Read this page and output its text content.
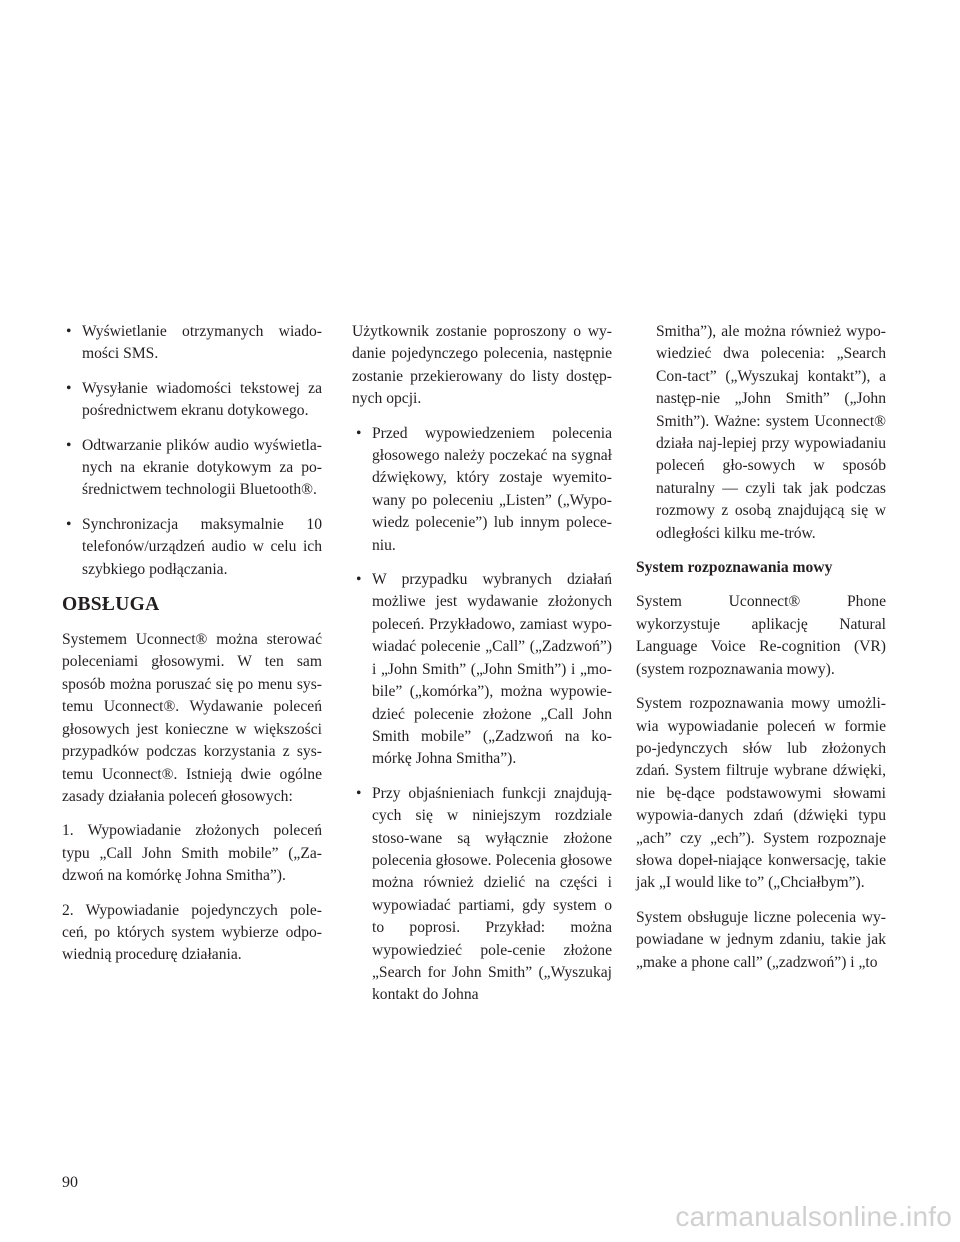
• Wyświetlanie otrzymanych wiado-mości SMS.
• Wysyłanie wiadomości tekstowej za pośrednictwem ekranu dotykowego.
• Odtwarzanie plików audio wyświetla-nych na ekranie dotykowym za po-średnictwem technologii Bluetooth®.
• Synchronizacja maksymalnie 10 telefonów/urządzeń audio w celu ich szybkiego podłączania.
OBSŁUGA

Systemem Uconnect® można sterować poleceniami głosowymi. W ten sam sposób można poruszać się po menu sys-temu Uconnect®. Wydawanie poleceń głosowych jest konieczne w większości przypadków podczas korzystania z sys-temu Uconnect®. Istnieją dwie ogólne zasady działania poleceń głosowych:

1. Wypowiadanie złożonych poleceń typu „Call John Smith mobile” („Za-dzwoń na komórkę Johna Smitha”).

2. Wypowiadanie pojedynczych pole-ceń, po których system wybierze odpo-wiednią procedurę działania.

Użytkownik zostanie poproszony o wy-danie pojedynczego polecenia, następnie zostanie przekierowany do listy dostęp-nych opcji.

• Przed wypowiedzeniem polecenia głosowego należy poczekać na sygnał dźwiękowy, który zostaje wyemito-wany po poleceniu „Listen” („Wypo-wiedz polecenie”) lub innym polece-niu.
• W przypadku wybranych działań możliwe jest wydawanie złożonych poleceń. Przykładowo, zamiast wypo-wiadać polecenie „Call” („Zadzwoń”) i „John Smith” („John Smith”) i „mo-bile” („komórka”), można wypowie-dzieć polecenie złożone „Call John Smith mobile” („Zadzwoń na ko-mórkę Johna Smitha”).
• Przy objaśnieniach funkcji znajdują-cych się w niniejszym rozdziale stoso-wane są wyłącznie złożone polecenia głosowe. Polecenia głosowe można również dzielić na części i wypowiadać partiami, gdy system o to poprosi. Przykład: można wypowiedzieć pole-cenie złożone „Search for John Smith” („Wyszukaj kontakt do Johna
Smitha”), ale można również wypo-wiedzieć dwa polecenia: „Search Con-tact” („Wyszukaj kontakt”), a następ-nie „John Smith” („John Smith”). Ważne: system Uconnect® działa naj-lepiej przy wypowiadaniu poleceń gło-sowych w sposób naturalny — czyli tak jak podczas rozmowy z osobą znajdującą się w odległości kilku me-trów.
System rozpoznawania mowy

System Uconnect® Phone wykorzystuje aplikację Natural Language Voice Re-cognition (VR) (system rozpoznawania mowy).

System rozpoznawania mowy umożli-wia wypowiadanie poleceń w formie po-jedynczych słów lub złożonych zdań. System filtruje wybrane dźwięki, nie bę-dące podstawowymi słowami wypowia-danych zdań (dźwięki typu „ach” czy „ech”). System rozpoznaje słowa dopeł-niające konwersację, takie jak „I would like to” („Chciałbym”).

System obsługuje liczne polecenia wy-powiadane w jednym zdaniu, takie jak „make a phone call” („zadzwoń”) i „to

90
carmanualsonline.info
